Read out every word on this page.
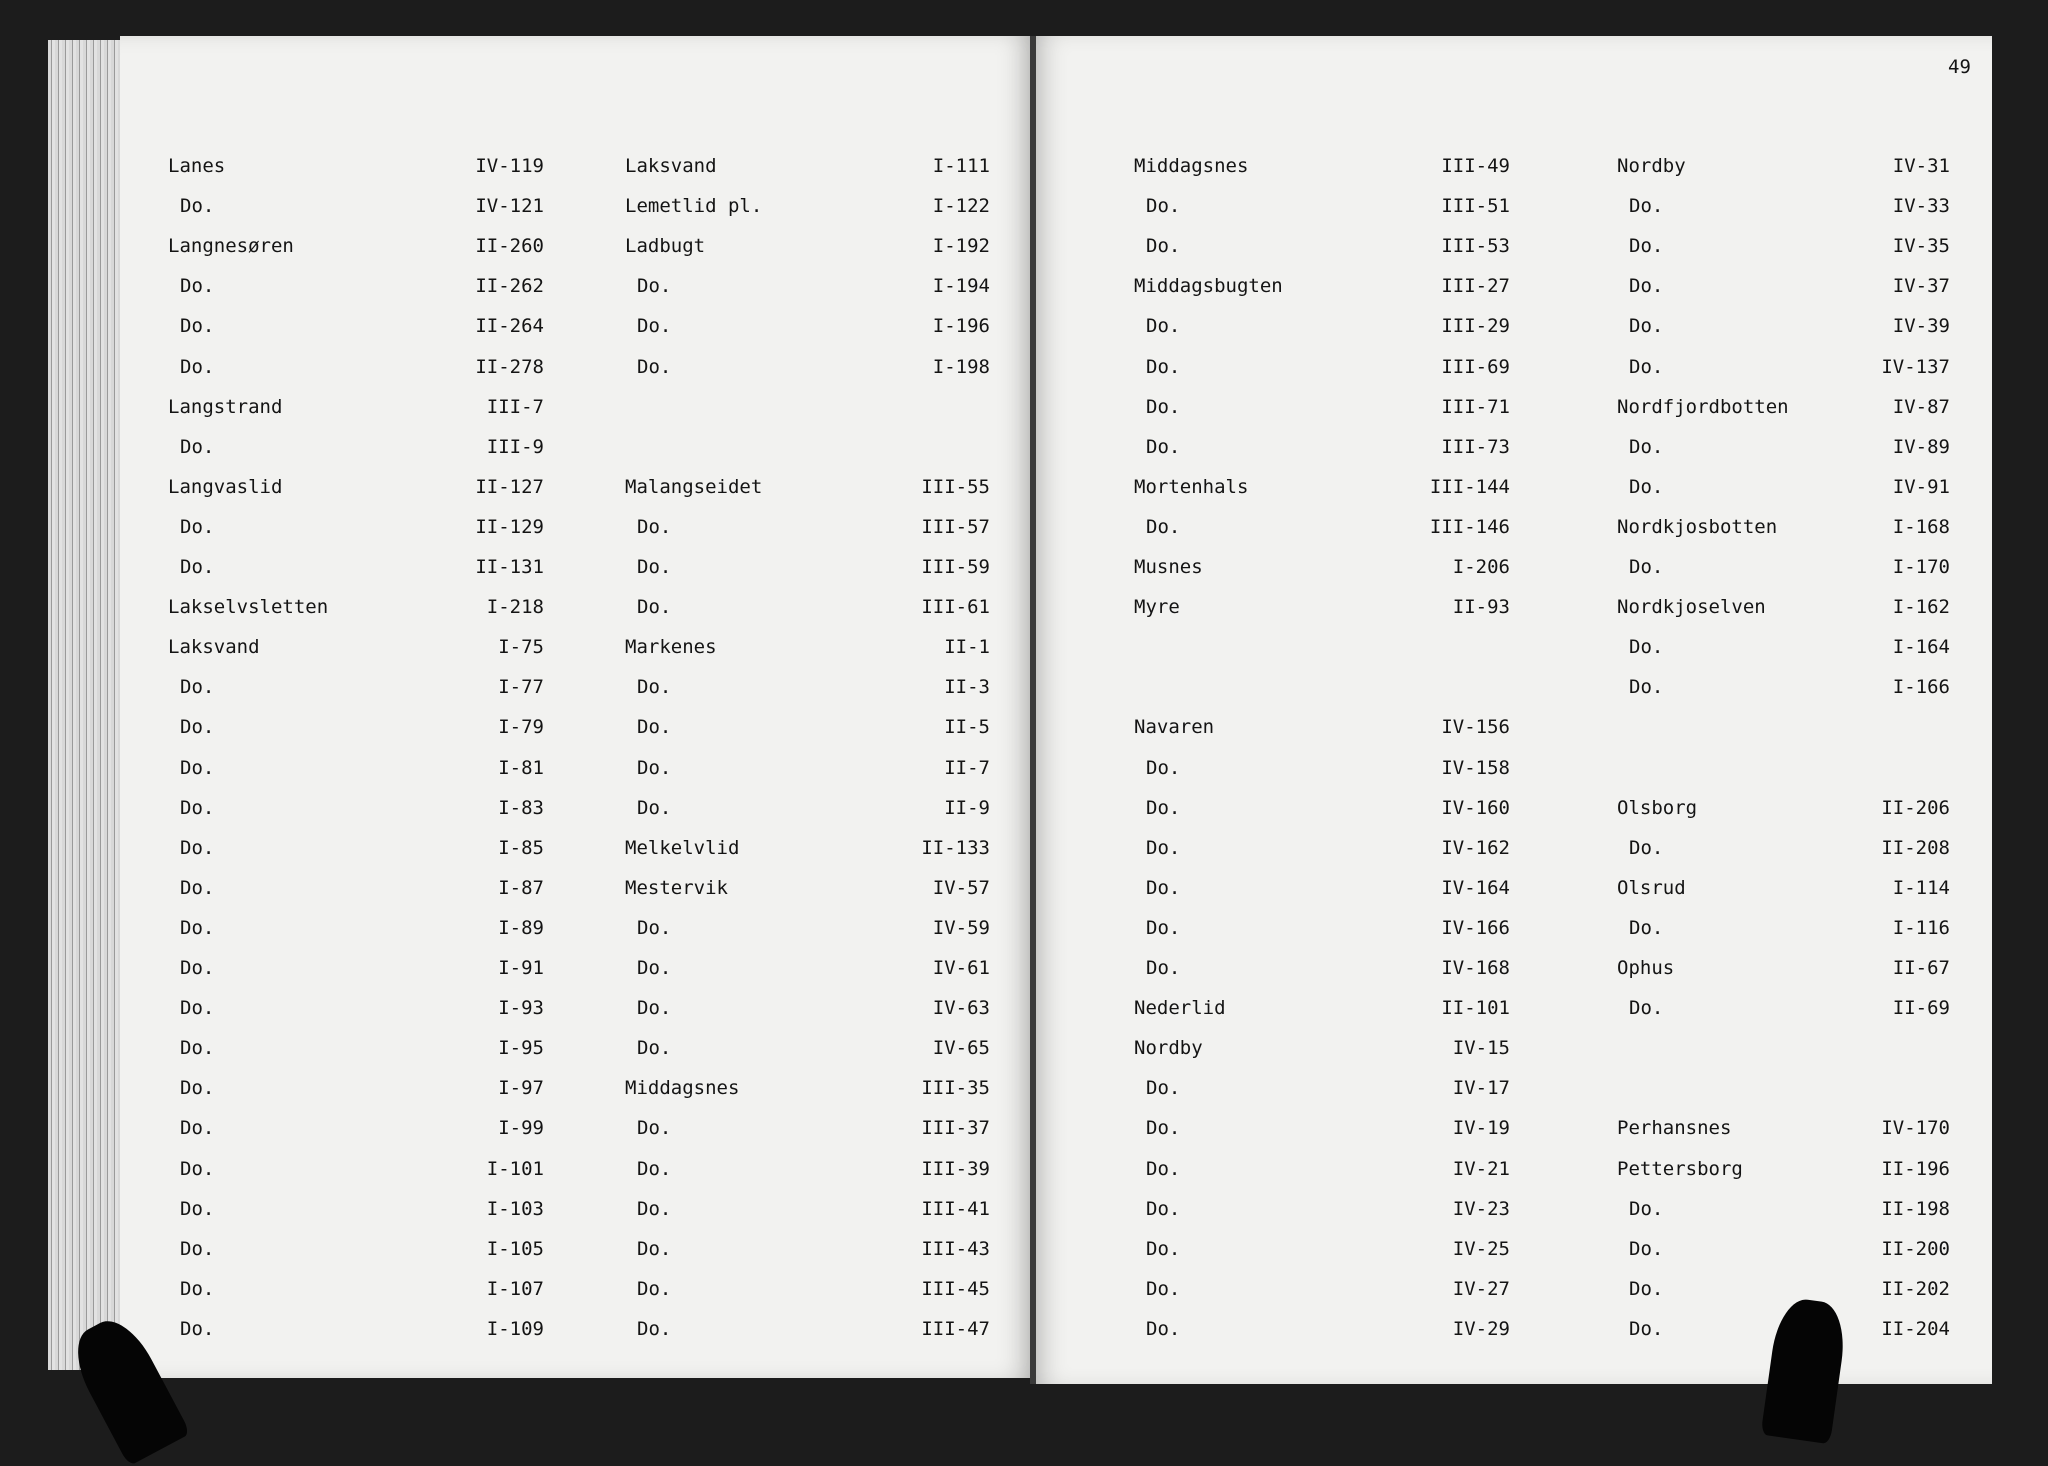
49
Lanes	IV-119
Do.	IV-121
Langnesøren	II-260
Do.	II-262
Do.	II-264
Do.	II-278
Langstrand	III-7
Do.	III-9
Langvaslid	II-127
Do.	II-129
Do.	II-131
Lakselvsletten	I-218
Laksvand	I-75
Do.	I-77
Do.	I-79
Do.	I-81
Do.	I-83
Do.	I-85
Do.	I-87
Do.	I-89
Do.	I-91
Do.	I-93
Do.	I-95
Do.	I-97
Do.	I-99
Do.	I-101
Do.	I-103
Do.	I-105
Do.	I-107
Do.	I-109
Laksvand	I-111
Lemetlid pl.	I-122
Ladbugt	I-192
Do.	I-194
Do.	I-196
Do.	I-198
Malangseidet	III-55
Do.	III-57
Do.	III-59
Do.	III-61
Markenes	II-1
Do.	II-3
Do.	II-5
Do.	II-7
Do.	II-9
Melkelvlid	II-133
Mestervik	IV-57
Do.	IV-59
Do.	IV-61
Do.	IV-63
Do.	IV-65
Middagsnes	III-35
Do.	III-37
Do.	III-39
Do.	III-41
Do.	III-43
Do.	III-45
Do.	III-47
Middagsnes	III-49
Do.	III-51
Do.	III-53
Middagsbugten	III-27
Do.	III-29
Do.	III-69
Do.	III-71
Do.	III-73
Mortenhals	III-144
Do.	III-146
Musnes	I-206
Myre	II-93
Navaren	IV-156
Do.	IV-158
Do.	IV-160
Do.	IV-162
Do.	IV-164
Do.	IV-166
Do.	IV-168
Nederlid	II-101
Nordby	IV-15
Do.	IV-17
Do.	IV-19
Do.	IV-21
Do.	IV-23
Do.	IV-25
Do.	IV-27
Do.	IV-29
Nordby	IV-31
Do.	IV-33
Do.	IV-35
Do.	IV-37
Do.	IV-39
Do.	IV-137
Nordfjordbotten	IV-87
Do.	IV-89
Do.	IV-91
Nordkjosbotten	I-168
Do.	I-170
Nordkjoselven	I-162
Do.	I-164
Do.	I-166
Olsborg	II-206
Do.	II-208
Olsrud	I-114
Do.	I-116
Ophus	II-67
Do.	II-69
Perhansnes	IV-170
Pettersborg	II-196
Do.	II-198
Do.	II-200
Do.	II-202
Do.	II-204
